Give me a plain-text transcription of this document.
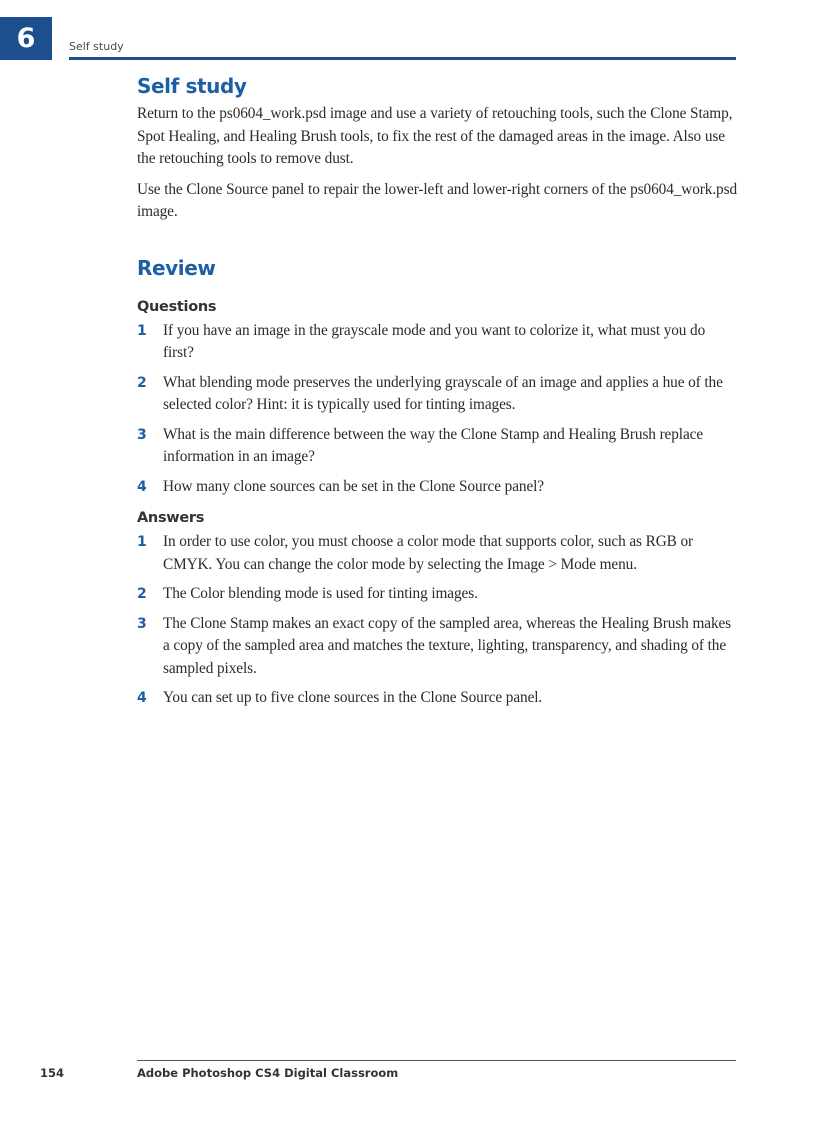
6	Self study
Self study

Return to the ps0604_work.psd image and use a variety of retouching tools, such the Clone Stamp, Spot Healing, and Healing Brush tools, to fix the rest of the damaged areas in the image. Also use the retouching tools to remove dust.

Use the Clone Source panel to repair the lower-left and lower-right corners of the ps0604_work.psd image.

Review
Questions
1 If you have an image in the grayscale mode and you want to colorize it, what must you do first?
2 What blending mode preserves the underlying grayscale of an image and applies a hue of the selected color? Hint: it is typically used for tinting images.
3 What is the main difference between the way the Clone Stamp and Healing Brush replace information in an image?
4 How many clone sources can be set in the Clone Source panel?
Answers
1 In order to use color, you must choose a color mode that supports color, such as RGB or CMYK. You can change the color mode by selecting the Image > Mode menu.
2 The Color blending mode is used for tinting images.
3 The Clone Stamp makes an exact copy of the sampled area, whereas the Healing Brush makes a copy of the sampled area and matches the texture, lighting, transparency, and shading of the sampled pixels.
4 You can set up to five clone sources in the Clone Source panel.
154	Adobe Photoshop CS4 Digital Classroom
